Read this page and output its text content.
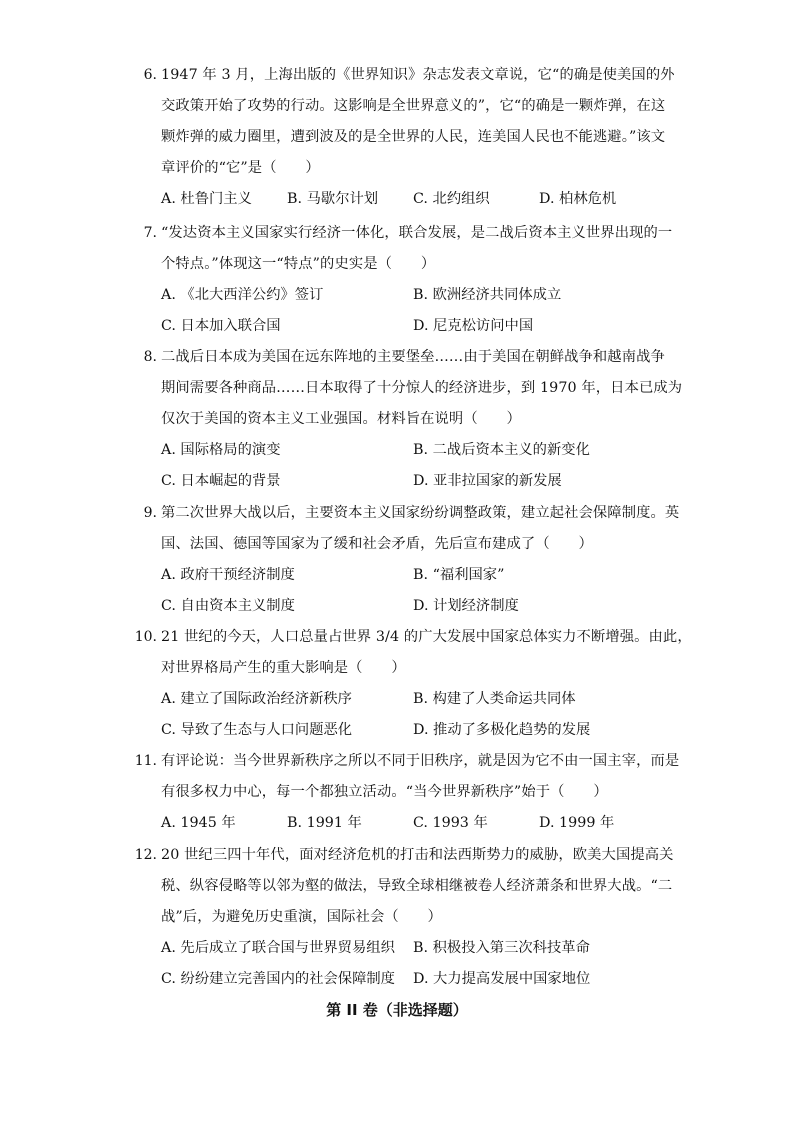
6. 1947 年 3 月，上海出版的《世界知识》杂志发表文章说，它“的确是使美国的外
交政策开始了攻势的行动。这影响是全世界意义的”，它“的确是一颗炸弹，在这
颗炸弹的威力圈里，遭到波及的是全世界的人民，连美国人民也不能逃避。”该文
章评价的“它”是（　　）
A. 杜鲁门主义 B. 马歇尔计划 C. 北约组织	D. 柏林危机
7. “发达资本主义国家实行经济一体化，联合发展，是二战后资本主义世界出现的一
个特点。”体现这一“特点”的史实是（　　）
A. 《北大西洋公约》签订	B. 欧洲经济共同体成立
C. 日本加入联合国	D. 尼克松访问中国
8. 二战后日本成为美国在远东阵地的主要堡垒……由于美国在朝鲜战争和越南战争
期间需要各种商品……日本取得了十分惊人的经济进步，到 1970 年，日本已成为
仅次于美国的资本主义工业强国。材料旨在说明（　　）
A. 国际格局的演变	B. 二战后资本主义的新变化
C. 日本崛起的背景	D. 亚非拉国家的新发展
9. 第二次世界大战以后，主要资本主义国家纷纷调整政策，建立起社会保障制度。英
国、法国、德国等国家为了缓和社会矛盾，先后宣布建成了（　　）
A. 政府干预经济制度	B. “福利国家”
C. 自由资本主义制度	D. 计划经济制度
10. 21 世纪的今天，人口总量占世界 3/4 的广大发展中国家总体实力不断增强。由此，
对世界格局产生的重大影响是（　　）
A. 建立了国际政治经济新秩序	B. 构建了人类命运共同体
C. 导致了生态与人口问题恶化	D. 推动了多极化趋势的发展
11. 有评论说：当今世界新秩序之所以不同于旧秩序，就是因为它不由一国主宰，而是
有很多权力中心，每一个都独立活动。“当今世界新秩序”始于（　　）
A. 1945 年	B. 1991 年	C. 1993 年	D. 1999 年
12. 20 世纪三四十年代，面对经济危机的打击和法西斯势力的威胁，欧美大国提高关
税、纵容侵略等以邻为壑的做法，导致全球相继被卷人经济萧条和世界大战。“二
战”后，为避免历史重演，国际社会（　　）
A. 先后成立了联合国与世界贸易组织 B. 积极投入第三次科技革命
C. 纷纷建立完善国内的社会保障制度 D. 大力提高发展中国家地位
第 II 卷（非选择题）
